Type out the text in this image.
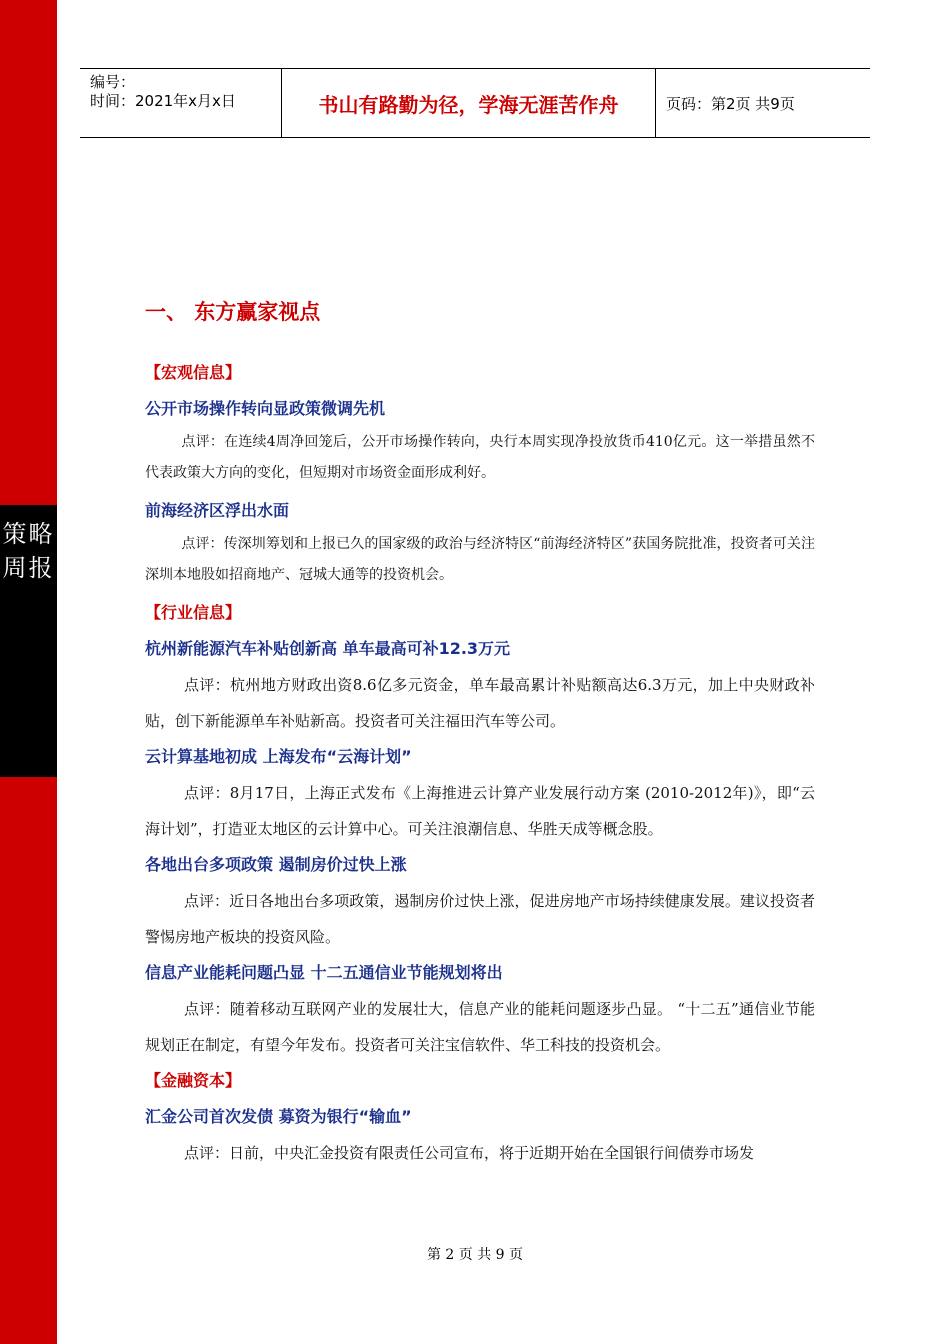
策略
周报
编号：
时间：2021年x月x日	书山有路勤为径，学海无涯苦作舟	页码：第2页 共9页
一、 东方赢家视点
【宏观信息】
公开市场操作转向显政策微调先机
点评：在连续4周净回笼后，公开市场操作转向，央行本周实现净投放货币410亿元。这一举措虽然不代表政策大方向的变化，但短期对市场资金面形成利好。
前海经济区浮出水面
点评：传深圳筹划和上报已久的国家级的政治与经济特区“前海经济特区”获国务院批准，投资者可关注深圳本地股如招商地产、冠城大通等的投资机会。
【行业信息】
杭州新能源汽车补贴创新高 单车最高可补12.3万元
点评：杭州地方财政出资8.6亿多元资金，单车最高累计补贴额高达6.3万元，加上中央财政补贴，创下新能源单车补贴新高。投资者可关注福田汽车等公司。
云计算基地初成 上海发布“云海计划”
点评：8月17日，上海正式发布《上海推进云计算产业发展行动方案 (2010-2012年)》，即“云海计划”，打造亚太地区的云计算中心。可关注浪潮信息、华胜天成等概念股。
各地出台多项政策 遏制房价过快上涨
点评：近日各地出台多项政策，遏制房价过快上涨，促进房地产市场持续健康发展。建议投资者警惕房地产板块的投资风险。
信息产业能耗问题凸显 十二五通信业节能规划将出
点评：随着移动互联网产业的发展壮大，信息产业的能耗问题逐步凸显。 “十二五”通信业节能规划正在制定，有望今年发布。投资者可关注宝信软件、华工科技的投资机会。
【金融资本】
汇金公司首次发债 募资为银行“输血”
点评：日前，中央汇金投资有限责任公司宣布，将于近期开始在全国银行间债券市场发
第 2 页 共 9 页
